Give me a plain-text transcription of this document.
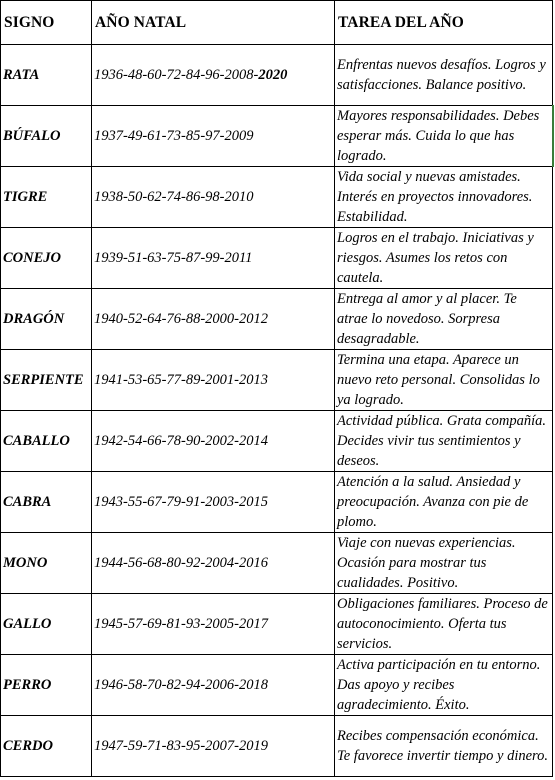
SIGNO	AÑO NATAL	TAREA DEL AÑO
RATA	1936-48-60-72-84-96-2008-2020	Enfrentas nuevos desafíos. Logros y satisfacciones. Balance positivo.
BÚFALO	1937-49-61-73-85-97-2009	Mayores responsabilidades. Debes esperar más. Cuida lo que has logrado.
TIGRE	1938-50-62-74-86-98-2010	Vida social y nuevas amistades. Interés en proyectos innovadores. Estabilidad.
CONEJO	1939-51-63-75-87-99-2011	Logros en el trabajo. Iniciativas y riesgos. Asumes los retos con cautela.
DRAGÓN	1940-52-64-76-88-2000-2012	Entrega al amor y al placer. Te atrae lo novedoso. Sorpresa desagradable.
SERPIENTE	1941-53-65-77-89-2001-2013	Termina una etapa. Aparece un nuevo reto personal. Consolidas lo ya logrado.
CABALLO	1942-54-66-78-90-2002-2014	Actividad pública. Grata compañía. Decides vivir tus sentimientos y deseos.
CABRA	1943-55-67-79-91-2003-2015	Atención a la salud. Ansiedad y preocupación. Avanza con pie de plomo.
MONO	1944-56-68-80-92-2004-2016	Viaje con nuevas experiencias. Ocasión para mostrar tus cualidades. Positivo.
GALLO	1945-57-69-81-93-2005-2017	Obligaciones familiares. Proceso de autoconocimiento. Oferta tus servicios.
PERRO	1946-58-70-82-94-2006-2018	Activa participación en tu entorno. Das apoyo y recibes agradecimiento. Éxito.
CERDO	1947-59-71-83-95-2007-2019	Recibes compensación económica. Te favorece invertir tiempo y dinero.
